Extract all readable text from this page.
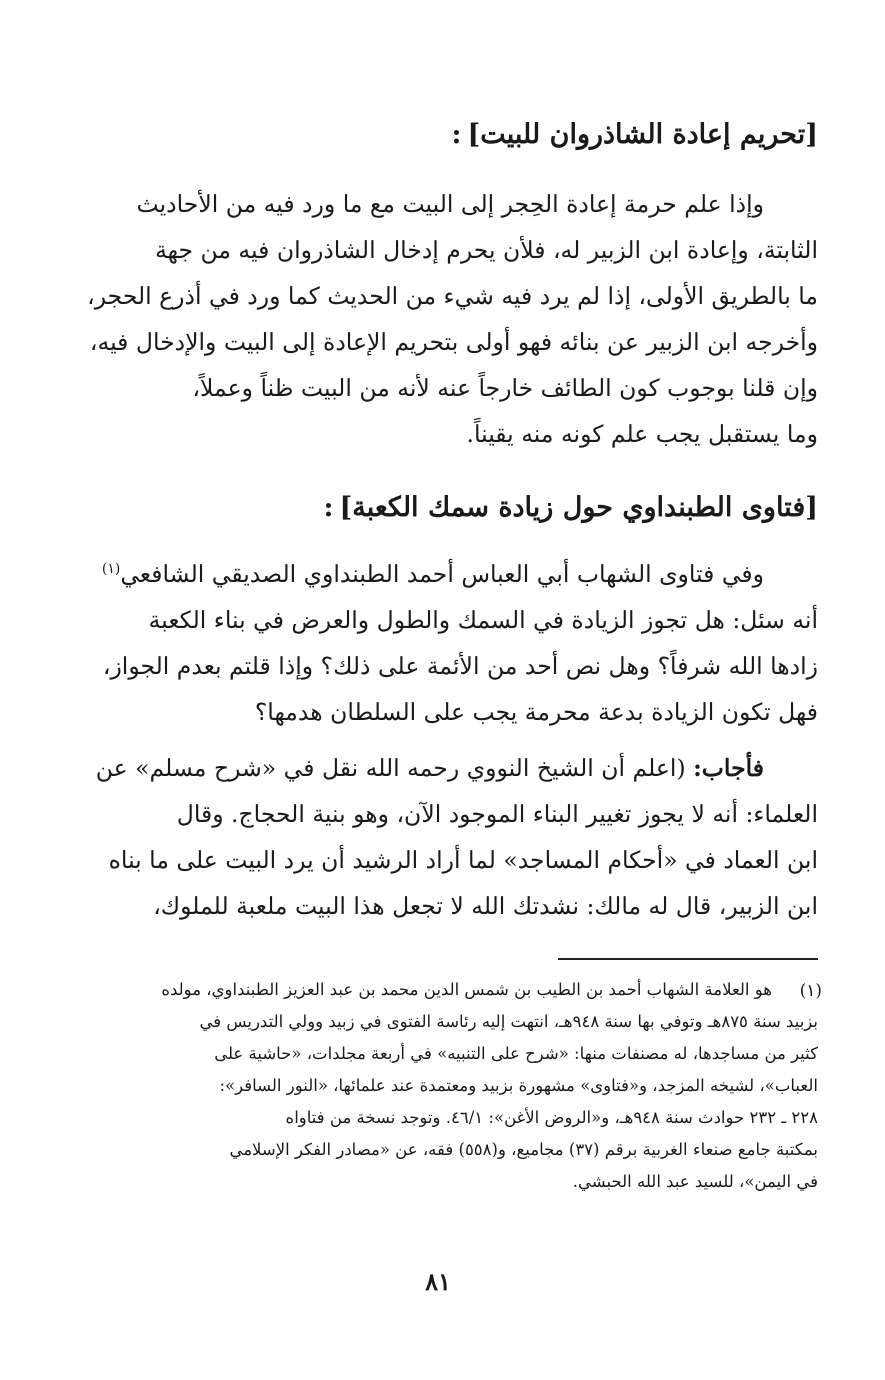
[تحريم إعادة الشاذروان للبيت]:
وإذا علم حرمة إعادة الحِجر إلى البيت مع ما ورد فيه من الأحاديث
الثابتة، وإعادة ابن الزبير له، فلأن يحرم إدخال الشاذروان فيه من جهة
ما بالطريق الأولى، إذا لم يرد فيه شيء من الحديث كما ورد في أذرع الحجر،
وأخرجه ابن الزبير عن بنائه فهو أولى بتحريم الإعادة إلى البيت والإدخال فيه،
وإن قلنا بوجوب كون الطائف خارجاً عنه لأنه من البيت ظناً وعملاً،
وما يستقبل يجب علم كونه منه يقيناً.
[فتاوى الطبنداوي حول زيادة سمك الكعبة]:
وفي فتاوى الشهاب أبي العباس أحمد الطبنداوي الصديقي الشافعي$^{(١)}$
أنه سئل: هل تجوز الزيادة في السمك والطول والعرض في بناء الكعبة
زادها الله شرفاً؟ وهل نص أحد من الأئمة على ذلك؟ وإذا قلتم بعدم الجواز،
فهل تكون الزيادة بدعة محرمة يجب على السلطان هدمها؟
فأجاب: (اعلم أن الشيخ النووي رحمه الله نقل في «شرح مسلم» عن
العلماء: أنه لا يجوز تغيير البناء الموجود الآن، وهو بنية الحجاج. وقال
ابن العماد في «أحكام المساجد» لما أراد الرشيد أن يرد البيت على ما بناه
ابن الزبير، قال له مالك: نشدتك الله لا تجعل هذا البيت ملعبة للملوك،
(١)
هو العلامة الشهاب أحمد بن الطيب بن شمس الدين محمد بن عبد العزيز الطبنداوي، مولده
بزبيد سنة ٨٧٥هـ وتوفي بها سنة ٩٤٨هـ، انتهت إليه رئاسة الفتوى في زبيد وولي التدريس في
كثير من مساجدها، له مصنفات منها: «شرح على التنبيه» في أربعة مجلدات، «حاشية على
العباب»، لشيخه المزجد، و«فتاوى» مشهورة بزبيد ومعتمدة عند علمائها، «النور السافر»:
٢٢٨ ـ ٢٣٢ حوادث سنة ٩٤٨هـ، و«الروض الأغن»: ٤٦/١. وتوجد نسخة من فتاواه
بمكتبة جامع صنعاء الغربية برقم (٣٧) مجاميع، و(٥٥٨) فقه، عن «مصادر الفكر الإسلامي
في اليمن»، للسيد عبد الله الحبشي.
٨١
